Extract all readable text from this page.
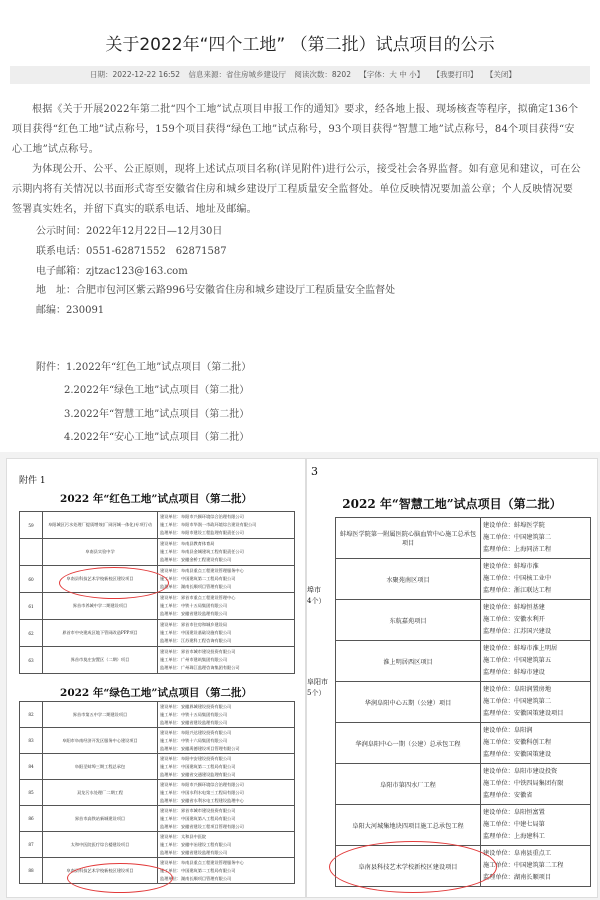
关于2022年“四个工地” （第二批）试点项目的公示
日期：2022-12-22 16:52 信息来源：省住房城乡建设厅 阅读次数：8202 【字体：大 中 小】 【我要打印】 【关闭】

根据《关于开展2022年第二批“四个工地”试点项目申报工作的通知》要求，经各地上报、现场核查等程序，拟确定136个项目获得“红色工地”试点称号，159个项目获得“绿色工地”试点称号，93个项目获得“智慧工地”试点称号，84个项目获得“安心工地”试点称号。

为体现公开、公平、公正原则，现将上述试点项目名称(详见附件)进行公示，接受社会各界监督。如有意见和建议，可在公示期内将有关情况以书面形式寄至安徽省住房和城乡建设厅工程质量安全监督处。单位反映情况要加盖公章；个人反映情况要签署真实姓名，并留下真实的联系电话、地址及邮编。

公示时间：2022年12月22日—12月30日
联系电话：0551-62871552　62871587
电子邮箱：zjtzac123@163.com
地　址：合肥市包河区紫云路996号安徽省住房和城乡建设厅工程质量安全监督处
邮编：230091
附件：1.2022年“红色工地”试点项目（第二批）
2.2022年“绿色工地”试点项目（第二批）
3.2022年“智慧工地”试点项目（第二批）
4.2022年“安心工地”试点项目（第二批）
附件 1
2022 年“红色工地”试点项目（第二批）
59	阜阳城区污水处理厂提质增效(厂网河城一体化)专项行动	建设单位：阜阳市兴颍环境综合治理有限公司
施工单位：阜阳市华润一市政环境综合建设有限公司
监理单位：阜阳市建设工程监理有限责任公司

	阜南县实验中学	建设单位：阜南县教育体育局
施工单位：阜南县金城建筑工程有限责任公司
监理单位：安徽金桥工程建设有限公司

60	阜南县科技艺术学校新校区建设项目	建设单位：阜南县重点工程建设管理服务中心
施工单位：中国建筑第二工程局有限公司
监理单位：湖南长顺项目管理有限公司

61	界首市养城中学二期建设项目	建设单位：界首市重点工程建设管理中心
施工单位：中铁十五局集团有限公司
监理单位：安徽省建设监理有限公司

62	界首市中央建成区地下管网改造PPP项目	建设单位：界首市住房和城乡建设局
施工单位：中国建设基础设施有限公司
监理单位：江苏建科工程咨询有限公司

63	界首市莫庄安置区（二期）项目	建设单位：界首市城市建设投资有限公司
施工单位：广州市建筑集团有限公司
监理单位：广州珠江监理咨询集团有限公司
2022 年“绿色工地”试点项目（第二批）
82	界首市第五中学二期建设项目	建设单位：安徽界城建设投资有限公司
施工单位：中铁十五局集团有限公司
监理单位：安徽省建设监理有限公司

83	阜阳市阜南经济开发区服务中心建设项目	建设单位：阜阳兴达建设投资有限公司
施工单位：中铁十六局集团有限公司
监理单位：安徽禹德建设项目管理有限公司

84	阜阳至蚌埠三期工程总承包	建设单位：阜阳中安建设投资有限公司
施工单位：中国建筑第二工程局有限公司
监理单位：安徽省交通建设监理有限公司

85	双龙污水处理厂二期工程	建设单位：阜阳市兴颍环境综合治理有限公司
施工单位：中国水利水电第三工程局有限公司
监理单位：安徽省水利水电工程建设监理中心

86	界首市高铁站新城建设项目	建设单位：界首市城市建设投资有限公司
施工单位：中国建筑第八工程局有限公司
监理单位：安徽省建设工程项目管理有限公司

87	太和中医院医疗综合楼建设项目	建设单位：太和县中医院
施工单位：安徽中冶建设工程有限公司
监理单位：安徽省建设监理有限公司

88	阜南县科技艺术学校新校区建设项目	建设单位：阜南县重点工程建设管理服务中心
施工单位：中国建筑第二工程局有限公司
监理单位：湖南长顺项目管理有限公司
3
2022 年“智慧工地”试点项目（第二批）
埠市
4个）
阜阳市
5个）
蚌埠医学院第一附属医院心脑血管中心施工总承包项目	建设单位：蚌埠医学院
施工单位：中国建筑第二
监理单位：上海同济工程

水聚苑南区项目	建设单位：蚌埠市淮
施工单位：中国核工业中
监理单位：浙江联达工程

东航嘉苑项目	建设单位：蚌埠恒基建
施工单位：安徽水利开
监理单位：江苏国兴建设

淮上明居西区项目	建设单位：蚌埠市淮上明居
施工单位：中国建筑第五
监理单位：蚌埠市建设

华润阜阳中心五期（公建）项目	建设单位：阜阳润置房地
施工单位：中国建筑第二
监理单位：安徽国策建设项目

华润阜阳中心一期（公建）总承包工程	建设单位：阜阳润
施工单位：安徽科创工程
监理单位：安徽国策建设

阜阳市第四水厂工程	建设单位：阜阳市建设投资
施工单位：中铁四局集团有限
监理单位：安徽省

阜阳大河城集地块四项目施工总承包工程	建设单位：阜阳恒富置
施工单位：中建七局第
监理单位：上海建科工

阜南县科技艺术学校新校区建设项目	建设单位：阜南县重点工
施工单位：中国建筑第二工程
监理单位：湖南长顺项目
